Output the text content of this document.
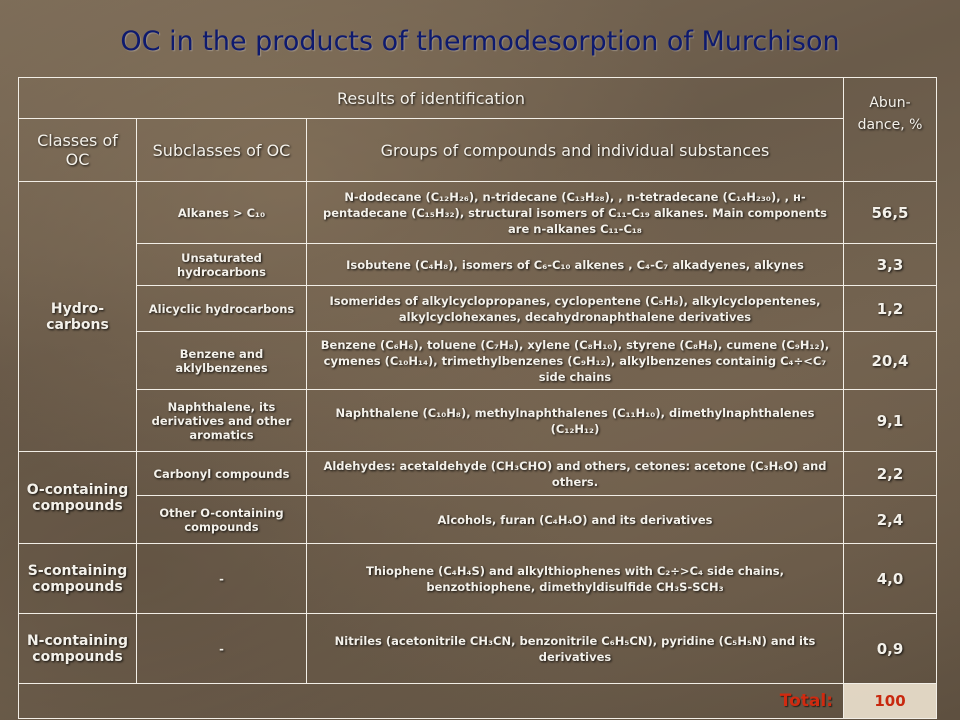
OC in the products of thermodesorption of Murchison
Results of identification			Abun-dance, %
Classes of OC	Subclasses of OC	Groups of compounds and individual substances	
Hydro-carbons	Alkanes > C₁₀	N-dodecane (C₁₂H₂₆), n-tridecane (C₁₃H₂₈), , n-tetradecane (C₁₄H₂₃₀), , н-pentadecane (C₁₅H₃₂), structural isomers of C₁₁-C₁₉ alkanes. Main components are n-alkanes C₁₁-C₁₈	56,5
	Unsaturated hydrocarbons	Isobutene (C₄H₈), isomers of C₆-C₁₀ alkenes , C₄-C₇ alkadyenes, alkynes	3,3
	Alicyclic hydrocarbons	Isomerides of alkylcyclopropanes, cyclopentene (C₅H₈), alkylcyclopentenes, alkylcyclohexanes, decahydronaphthalene derivatives	1,2
	Benzene and aklylbenzenes	Benzene (C₆H₆), toluene (C₇H₈), xylene (C₈H₁₀), styrene (C₈H₈), cumene (C₉H₁₂), cymenes (C₁₀H₁₄), trimethylbenzenes (C₉H₁₂), alkylbenzenes containig C₄÷<C₇ side chains	20,4
	Naphthalene, its derivatives and other aromatics	Naphthalene (C₁₀H₈), methylnaphthalenes (C₁₁H₁₀), dimethylnaphthalenes (C₁₂H₁₂)	9,1
O-containing compounds	Carbonyl compounds	Aldehydes: acetaldehyde (CH₃CHO) and others, cetones: acetone (C₃H₆O) and others.	2,2
	Other O-containing compounds	Alcohols, furan (C₄H₄O) and its derivatives	2,4
S-containing compounds	-	Thiophene (C₄H₄S) and alkylthiophenes with C₂÷>C₄ side chains, benzothiophene, dimethyldisulfide CH₃S-SCH₃	4,0
N-containing compounds	-	Nitriles (acetonitrile CH₃CN, benzonitrile C₆H₅CN), pyridine (C₅H₅N) and its derivatives	0,9
Total:			100
